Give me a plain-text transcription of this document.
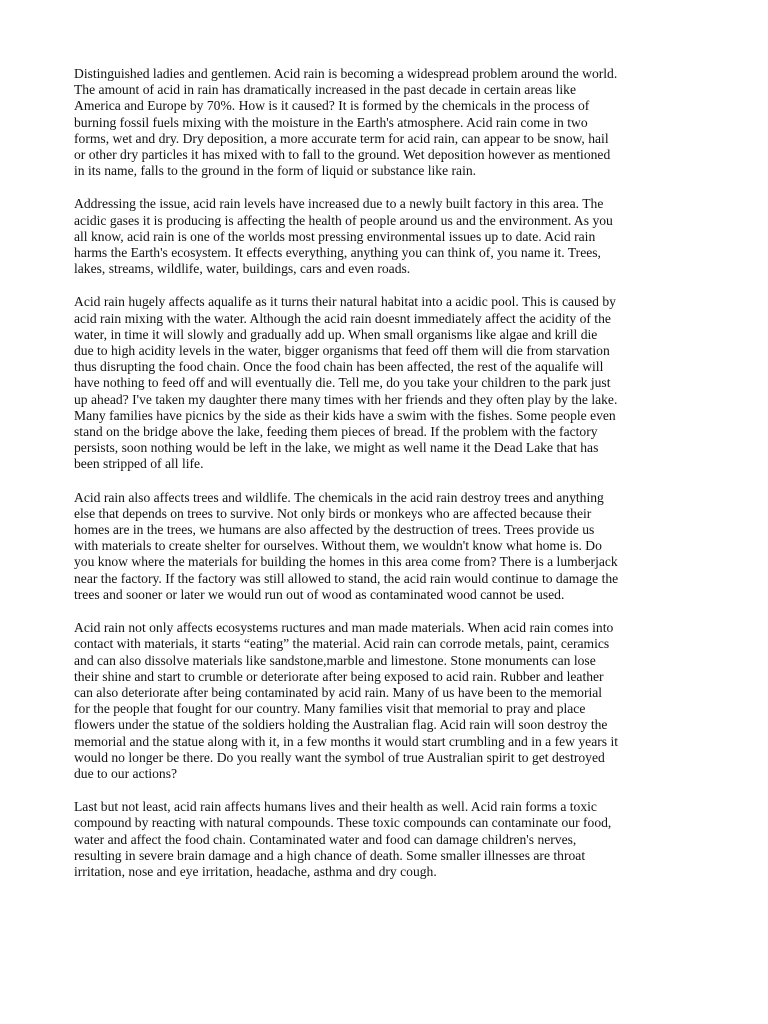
Distinguished ladies and gentlemen. Acid rain is becoming a widespread problem around the world.
The amount of acid in rain has dramatically increased in the past decade in certain areas like
America and Europe by 70%. How is it caused? It is formed by the chemicals in the process of
burning fossil fuels mixing with the moisture in the Earth's atmosphere. Acid rain come in two
forms, wet and dry. Dry deposition, a more accurate term for acid rain, can appear to be snow, hail
or other dry particles it has mixed with to fall to the ground. Wet deposition however as mentioned
in its name, falls to the ground in the form of liquid or substance like rain.

Addressing the issue, acid rain levels have increased due to a newly built factory in this area. The
acidic gases it is producing is affecting the health of people around us and the environment. As you
all know, acid rain is one of the worlds most pressing environmental issues up to date. Acid rain
harms the Earth's ecosystem. It effects everything, anything you can think of, you name it. Trees,
lakes, streams, wildlife, water, buildings, cars and even roads.

Acid rain hugely affects aqualife as it turns their natural habitat into a acidic pool. This is caused by
acid rain mixing with the water. Although the acid rain doesnt immediately affect the acidity of the
water, in time it will slowly and gradually add up. When small organisms like algae and krill die
due to high acidity levels in the water, bigger organisms that feed off them will die from starvation
thus disrupting the food chain. Once the food chain has been affected, the rest of the aqualife will
have nothing to feed off and will eventually die. Tell me, do you take your children to the park just
up ahead? I've taken my daughter there many times with her friends and they often play by the lake.
Many families have picnics by the side as their kids have a swim with the fishes. Some people even
stand on the bridge above the lake, feeding them pieces of bread. If the problem with the factory
persists, soon nothing would be left in the lake, we might as well name it the Dead Lake that has
been stripped of all life.

Acid rain also affects trees and wildlife. The chemicals in the acid rain destroy trees and anything
else that depends on trees to survive. Not only birds or monkeys who are affected because their
homes are in the trees, we humans are also affected by the destruction of trees. Trees provide us
with materials to create shelter for ourselves. Without them, we wouldn't know what home is. Do
you know where the materials for building the homes in this area come from? There is a lumberjack
near the factory. If the factory was still allowed to stand, the acid rain would continue to damage the
trees and sooner or later we would run out of wood as contaminated wood cannot be used.

Acid rain not only affects ecosystems ructures and man made materials. When acid rain comes into
contact with materials, it starts “eating” the material. Acid rain can corrode metals, paint, ceramics
and can also dissolve materials like sandstone,marble and limestone. Stone monuments can lose
their shine and start to crumble or deteriorate after being exposed to acid rain. Rubber and leather
can also deteriorate after being contaminated by acid rain. Many of us have been to the memorial
for the people that fought for our country. Many families visit that memorial to pray and place
flowers under the statue of the soldiers holding the Australian flag. Acid rain will soon destroy the
memorial and the statue along with it, in a few months it would start crumbling and in a few years it
would no longer be there. Do you really want the symbol of true Australian spirit to get destroyed
due to our actions?

Last but not least, acid rain affects humans lives and their health as well. Acid rain forms a toxic
compound by reacting with natural compounds. These toxic compounds can contaminate our food,
water and affect the food chain. Contaminated water and food can damage children's nerves,
resulting in severe brain damage and a high chance of death. Some smaller illnesses are throat
irritation, nose and eye irritation, headache, asthma and dry cough.
